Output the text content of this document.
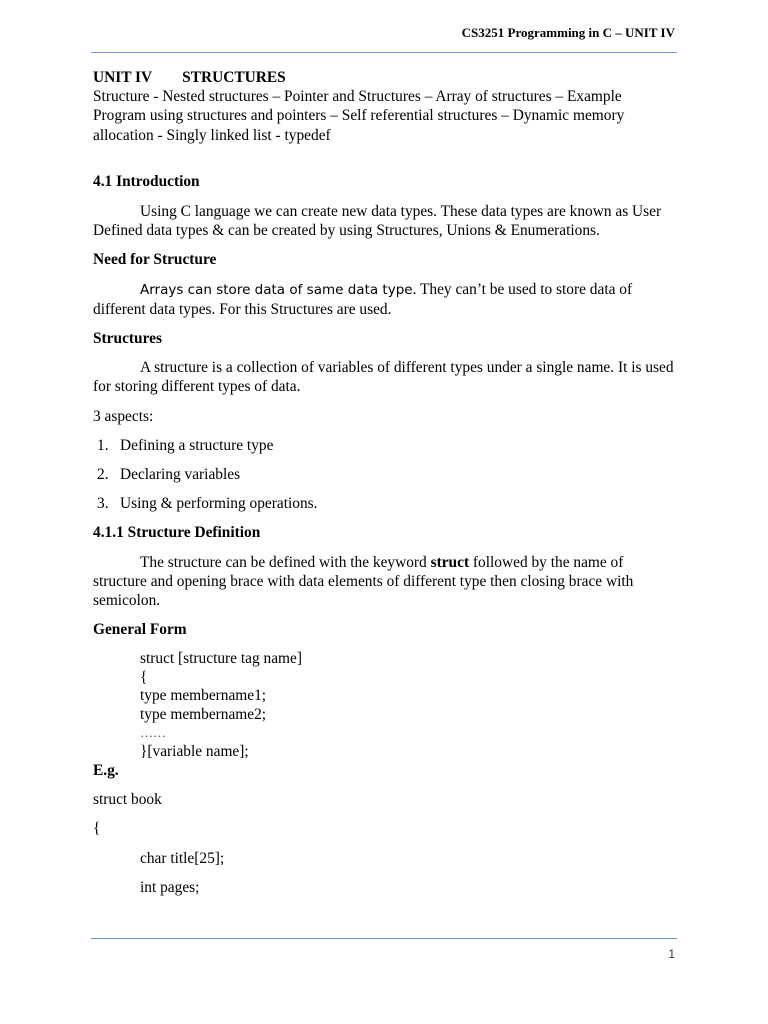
CS3251 Programming in C – UNIT IV

UNIT IV STRUCTURES

Structure - Nested structures – Pointer and Structures – Array of structures – Example Program using structures and pointers – Self referential structures – Dynamic memory allocation - Singly linked list - typedef

4.1 Introduction

Using C language we can create new data types. These data types are known as User Defined data types & can be created by using Structures, Unions & Enumerations.

Need for Structure

Arrays can store data of same data type. They can’t be used to store data of different data types. For this Structures are used.

Structures

A structure is a collection of variables of different types under a single name. It is used for storing different types of data.

3 aspects:

1. Defining a structure type

2. Declaring variables

3. Using & performing operations.

4.1.1 Structure Definition

The structure can be defined with the keyword struct followed by the name of structure and opening brace with data elements of different type then closing brace with semicolon.

General Form

struct [structure tag name]

{

type membername1;

type membername2;

……

}[variable name];

E.g.

struct book

{

char title[25];

int pages;

1
